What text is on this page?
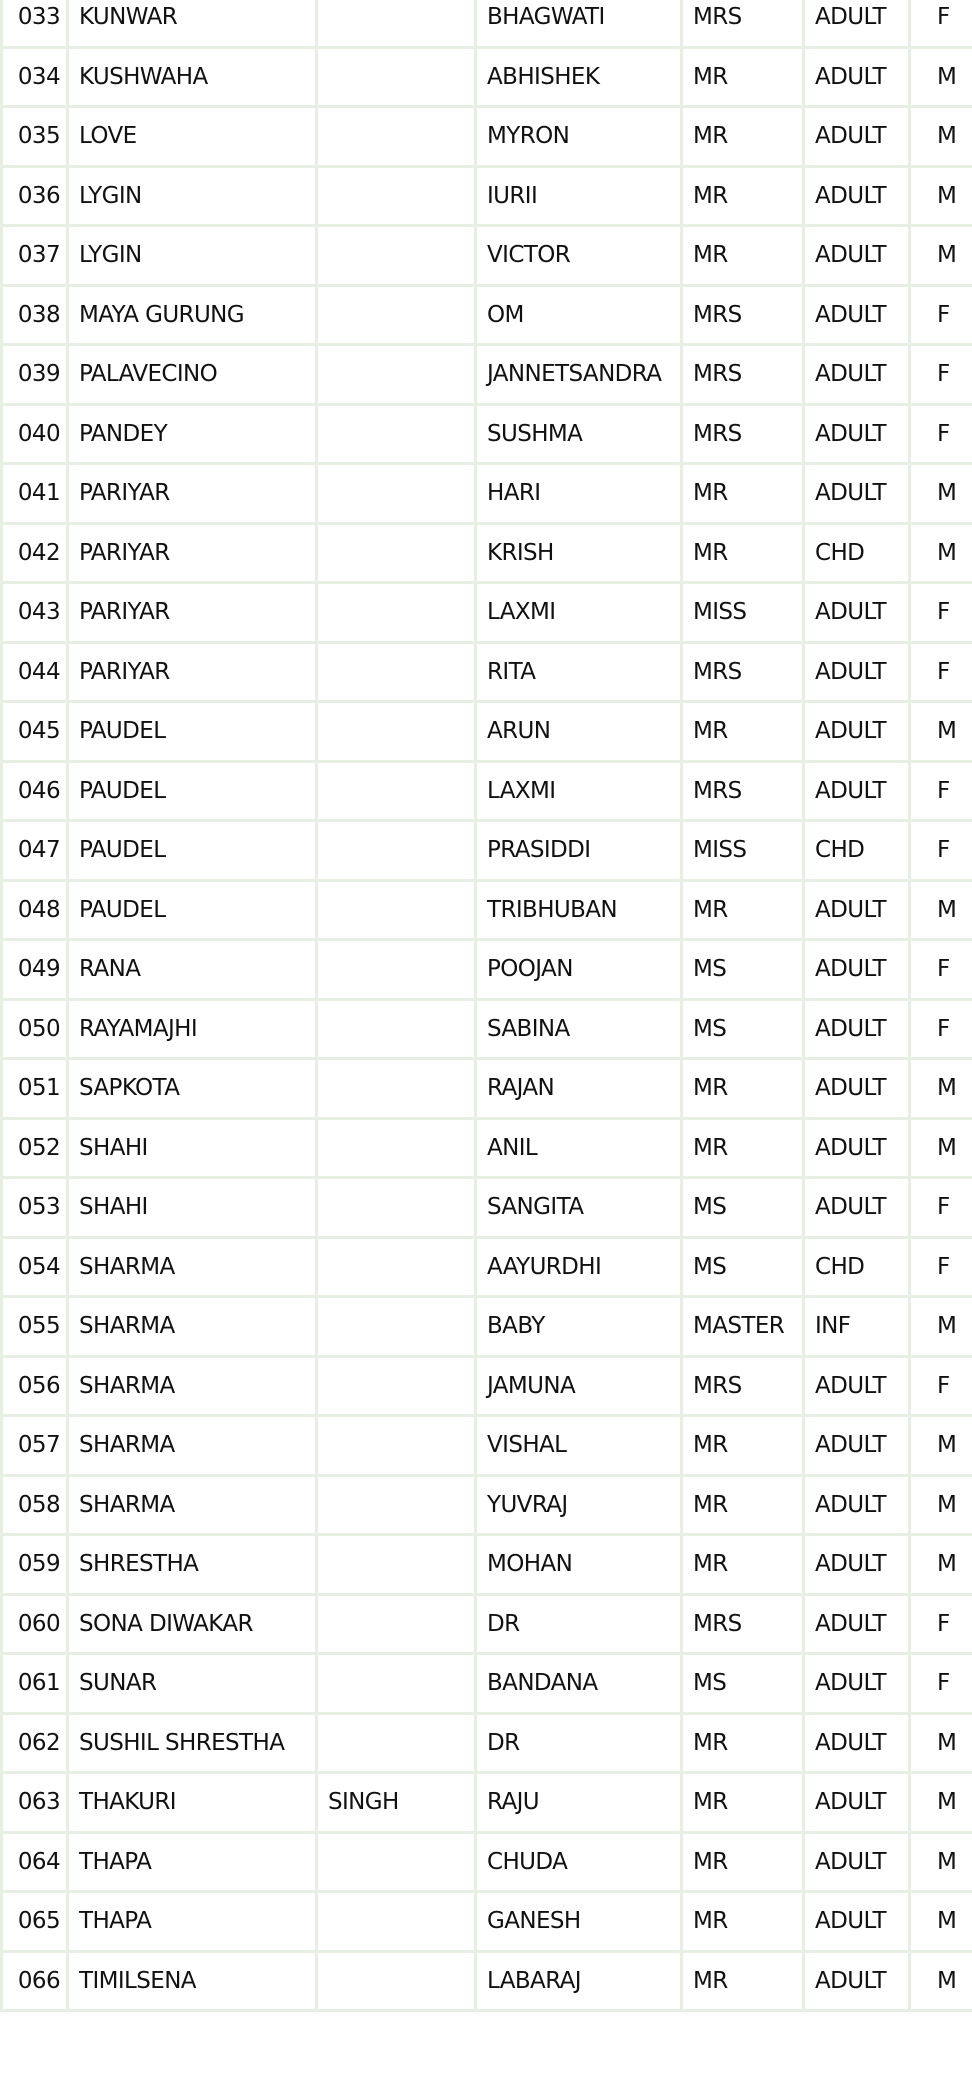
033	KUNWAR		BHAGWATI	MRS	ADULT	F
034	KUSHWAHA		ABHISHEK	MR	ADULT	M
035	LOVE		MYRON	MR	ADULT	M
036	LYGIN		IURII	MR	ADULT	M
037	LYGIN		VICTOR	MR	ADULT	M
038	MAYA GURUNG		OM	MRS	ADULT	F
039	PALAVECINO		JANNETSANDRA	MRS	ADULT	F
040	PANDEY		SUSHMA	MRS	ADULT	F
041	PARIYAR		HARI	MR	ADULT	M
042	PARIYAR		KRISH	MR	CHD	M
043	PARIYAR		LAXMI	MISS	ADULT	F
044	PARIYAR		RITA	MRS	ADULT	F
045	PAUDEL		ARUN	MR	ADULT	M
046	PAUDEL		LAXMI	MRS	ADULT	F
047	PAUDEL		PRASIDDI	MISS	CHD	F
048	PAUDEL		TRIBHUBAN	MR	ADULT	M
049	RANA		POOJAN	MS	ADULT	F
050	RAYAMAJHI		SABINA	MS	ADULT	F
051	SAPKOTA		RAJAN	MR	ADULT	M
052	SHAHI		ANIL	MR	ADULT	M
053	SHAHI		SANGITA	MS	ADULT	F
054	SHARMA		AAYURDHI	MS	CHD	F
055	SHARMA		BABY	MASTER	INF	M
056	SHARMA		JAMUNA	MRS	ADULT	F
057	SHARMA		VISHAL	MR	ADULT	M
058	SHARMA		YUVRAJ	MR	ADULT	M
059	SHRESTHA		MOHAN	MR	ADULT	M
060	SONA DIWAKAR		DR	MRS	ADULT	F
061	SUNAR		BANDANA	MS	ADULT	F
062	SUSHIL SHRESTHA		DR	MR	ADULT	M
063	THAKURI	SINGH	RAJU	MR	ADULT	M
064	THAPA		CHUDA	MR	ADULT	M
065	THAPA		GANESH	MR	ADULT	M
066	TIMILSENA		LABARAJ	MR	ADULT	M
